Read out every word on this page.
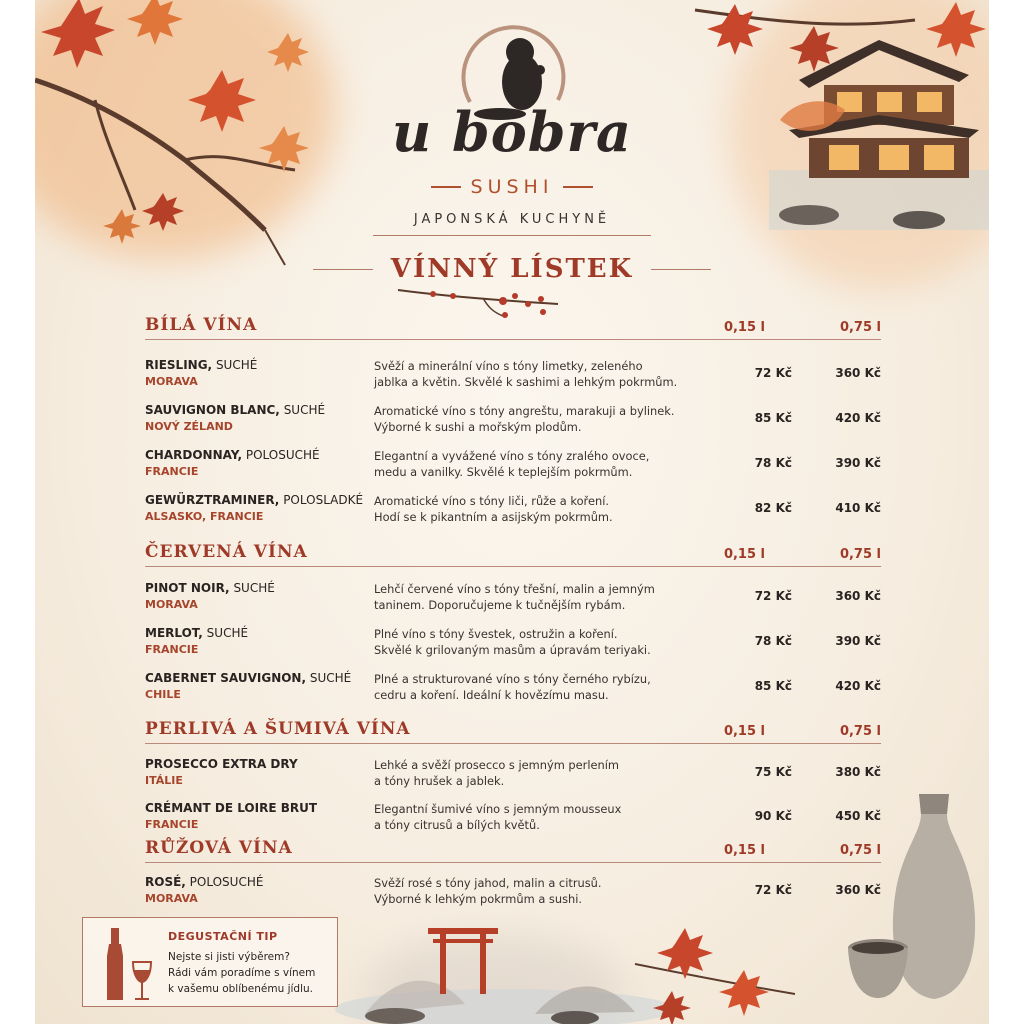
u bobra
SUSHI
JAPONSKÁ KUCHYNĚ
VÍNNÝ LÍSTEK
BÍLÁ VÍNA	0,15 l	0,75 l
RIESLING, SUCHÉ
MORAVA
Svěží a minerální víno s tóny limetky, zeleného
jablka a květin. Skvělé k sashimi a lehkým pokrmům.
72 Kč	360 Kč
SAUVIGNON BLANC, SUCHÉ
NOVÝ ZÉLAND
Aromatické víno s tóny angreštu, marakuji a bylinek.
Výborné k sushi a mořským plodům.
85 Kč	420 Kč
CHARDONNAY, POLOSUCHÉ
FRANCIE
Elegantní a vyvážené víno s tóny zralého ovoce,
medu a vanilky. Skvělé k teplejším pokrmům.
78 Kč	390 Kč
GEWÜRZTRAMINER, POLOSLADKÉ
ALSASKO, FRANCIE
Aromatické víno s tóny liči, růže a koření.
Hodí se k pikantním a asijským pokrmům.
82 Kč	410 Kč
ČERVENÁ VÍNA	0,15 l	0,75 l
PINOT NOIR, SUCHÉ
MORAVA
Lehčí červené víno s tóny třešní, malin a jemným
taninem. Doporučujeme k tučnějším rybám.
72 Kč	360 Kč
MERLOT, SUCHÉ
FRANCIE
Plné víno s tóny švestek, ostružin a koření.
Skvělé k grilovaným masům a úpravám teriyaki.
78 Kč	390 Kč
CABERNET SAUVIGNON, SUCHÉ
CHILE
Plné a strukturované víno s tóny černého rybízu,
cedru a koření. Ideální k hovězímu masu.
85 Kč	420 Kč
PERLIVÁ A ŠUMIVÁ VÍNA	0,15 l	0,75 l
PROSECCO EXTRA DRY
ITÁLIE
Lehké a svěží prosecco s jemným perlením
a tóny hrušek a jablek.
75 Kč	380 Kč
CRÉMANT DE LOIRE BRUT
FRANCIE
Elegantní šumivé víno s jemným mousseux
a tóny citrusů a bílých květů.
90 Kč	450 Kč
RŮŽOVÁ VÍNA	0,15 l	0,75 l
ROSÉ, POLOSUCHÉ
MORAVA
Svěží rosé s tóny jahod, malin a citrusů.
Výborné k lehkým pokrmům a sushi.
72 Kč	360 Kč
DEGUSTAČNÍ TIP
Nejste si jisti výběrem?
Rádi vám poradíme s vínem
k vašemu oblíbenému jídlu.
